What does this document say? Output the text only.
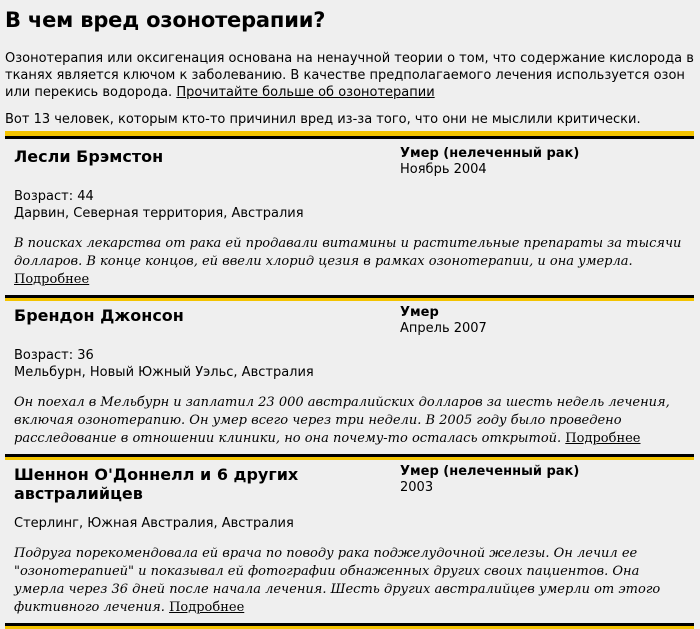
В чем вред озонотерапии?

Озонотерапия или оксигенация основана на ненаучной теории о том, что содержание кислорода в тканях является ключом к заболеванию. В качестве предполагаемого лечения используется озон или перекись водорода. Прочитайте больше об озонотерапии

Вот 13 человек, которым кто-то причинил вред из-за того, что они не мыслили критически.

Лесли Брэмстон	Умер (нелеченный рак)
Ноябрь 2004
Возраст: 44
Дарвин, Северная территория, Австралия
В поисках лекарства от рака ей продавали витамины и растительные препараты за тысячи долларов. В конце концов, ей ввели хлорид цезия в рамках озонотерапии, и она умерла. Подробнее
Брендон Джонсон	Умер
Апрель 2007
Возраст: 36
Мельбурн, Новый Южный Уэльс, Австралия
Он поехал в Мельбурн и заплатил 23 000 австралийских долларов за шесть недель лечения, включая озонотерапию. Он умер всего через три недели. В 2005 году было проведено расследование в отношении клиники, но она почему-то осталась открытой. Подробнее
Шеннон О'Доннелл и 6 других австралийцев
Умер (нелеченный рак)
2003
Стерлинг, Южная Австралия, Австралия
Подруга порекомендовала ей врача по поводу рака поджелудочной железы. Он лечил ее "озонотерапией" и показывал ей фотографии обнаженных других своих пациентов. Она умерла через 36 дней после начала лечения. Шесть других австралийцев умерли от этого фиктивного лечения. Подробнее
